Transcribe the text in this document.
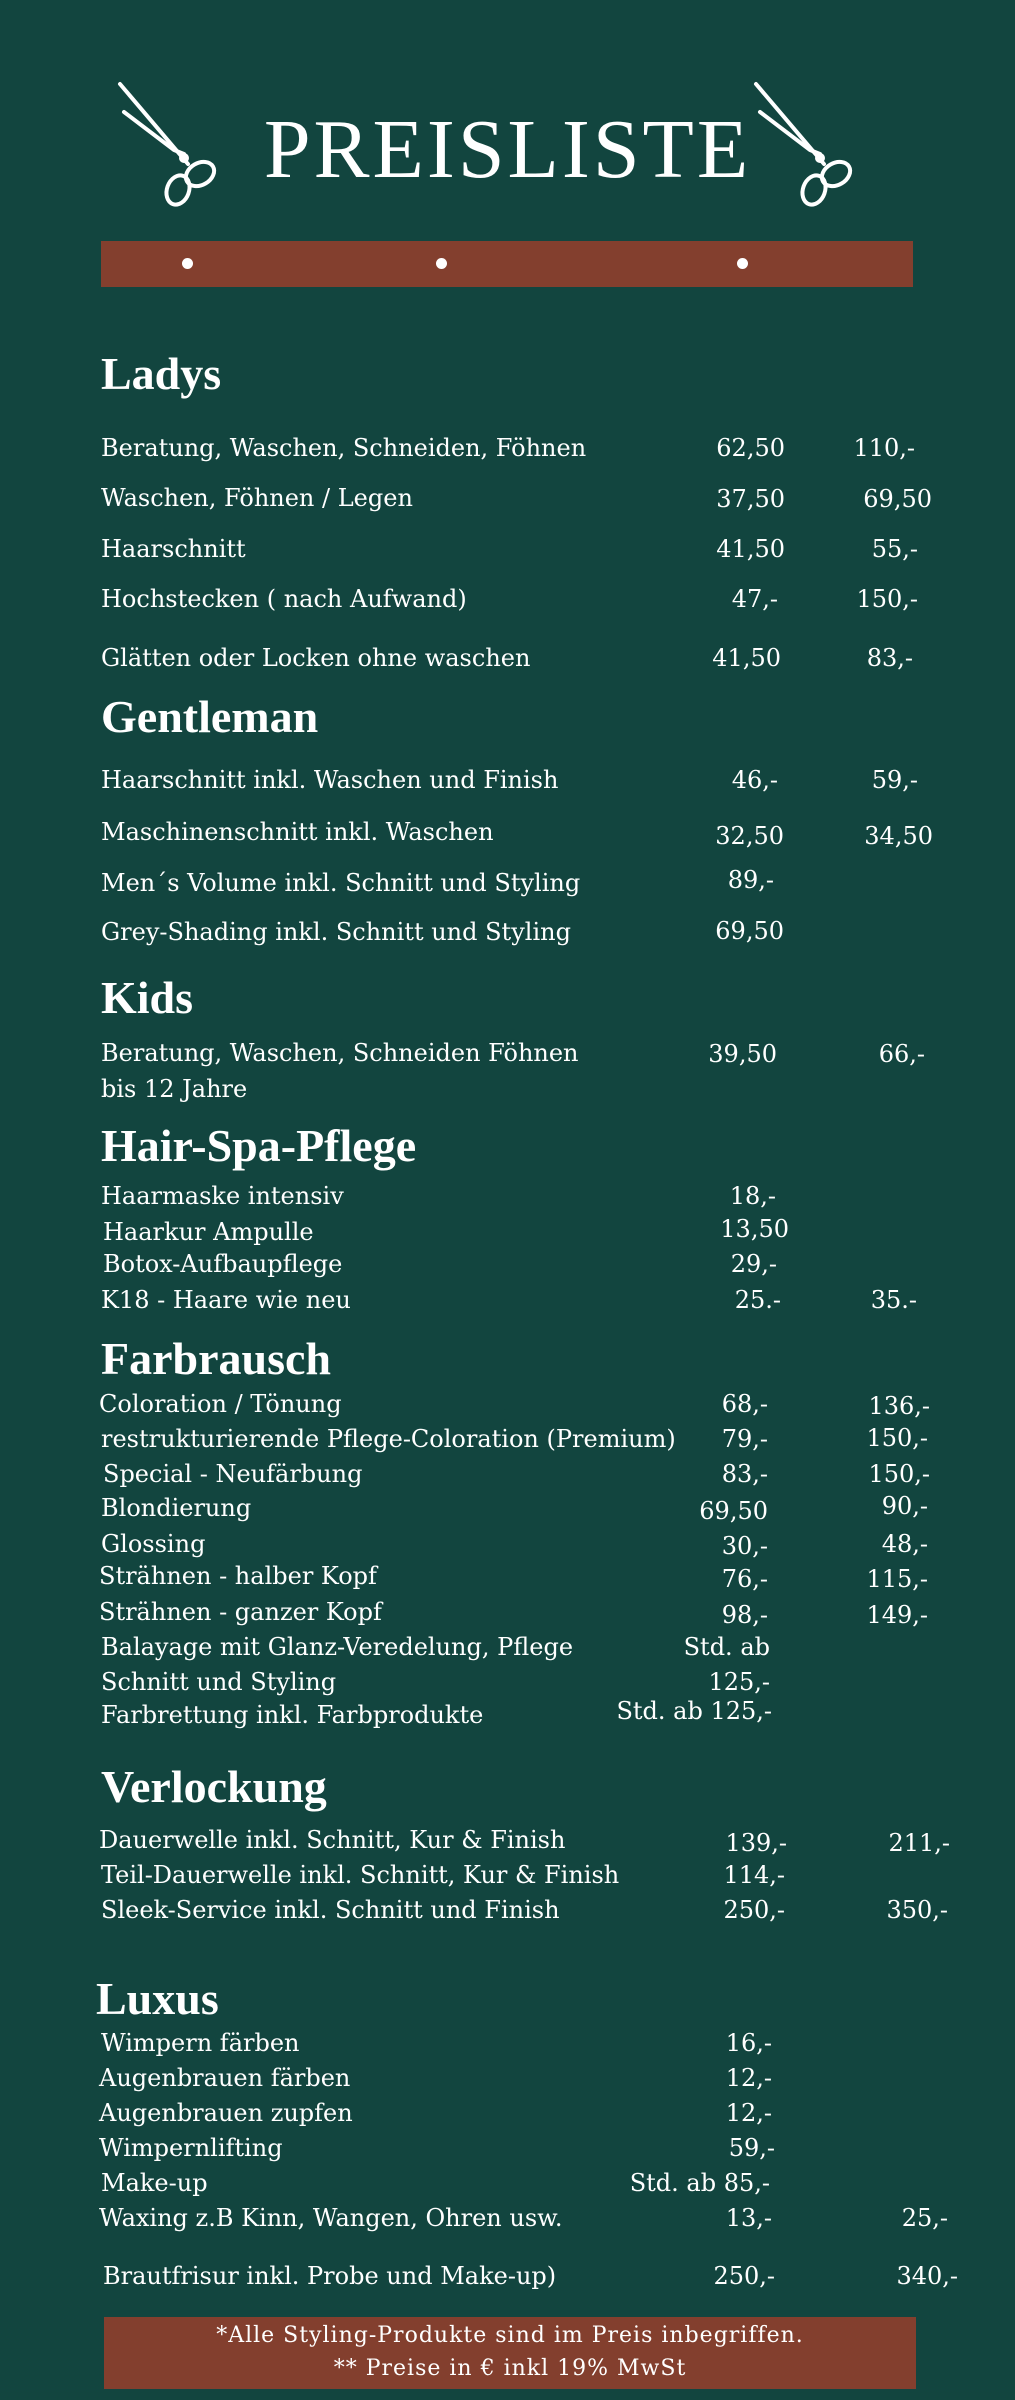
PREISLISTE
Ladys
Beratung, Waschen, Schneiden, Föhnen	62,50	110,-
Waschen, Föhnen / Legen	37,50	69,50
Haarschnitt	41,50	55,-
Hochstecken ( nach Aufwand)	47,-	150,-
Glätten oder Locken ohne waschen	41,50	83,-
Gentleman
Haarschnitt inkl. Waschen und Finish	46,-	59,-
Maschinenschnitt inkl. Waschen	32,50	34,50
Men´s Volume inkl. Schnitt und Styling	89,-
Grey-Shading inkl. Schnitt und Styling	69,50
Kids
Beratung, Waschen, Schneiden Föhnen	39,50	66,-
bis 12 Jahre
Hair-Spa-Pflege
Haarmaske intensiv	18,-
Haarkur Ampulle	13,50
Botox-Aufbaupflege	29,-
K18 - Haare wie neu	25.-	35.-
Farbrausch
Coloration / Tönung	68,-	136,-
restrukturierende Pflege-Coloration (Premium)	79,-	150,-
Special - Neufärbung	83,-	150,-
Blondierung	69,50	90,-
Glossing	30,-	48,-
Strähnen - halber Kopf	76,-	115,-
Strähnen - ganzer Kopf	98,-	149,-
Balayage mit Glanz-Veredelung, Pflege	Std. ab
Schnitt und Styling	125,-
Farbrettung inkl. Farbprodukte	Std. ab 125,-
Verlockung
Dauerwelle inkl. Schnitt, Kur & Finish	139,-	211,-
Teil-Dauerwelle inkl. Schnitt, Kur & Finish	114,-
Sleek-Service inkl. Schnitt und Finish	250,-	350,-
Luxus
Wimpern färben	16,-
Augenbrauen färben	12,-
Augenbrauen zupfen	12,-
Wimpernlifting	59,-
Make-up	Std. ab 85,-
Waxing z.B Kinn, Wangen, Ohren usw.	13,-	25,-
Brautfrisur inkl. Probe und Make-up)	250,-	340,-
*Alle Styling-Produkte sind im Preis inbegriffen.
** Preise in € inkl 19% MwSt
